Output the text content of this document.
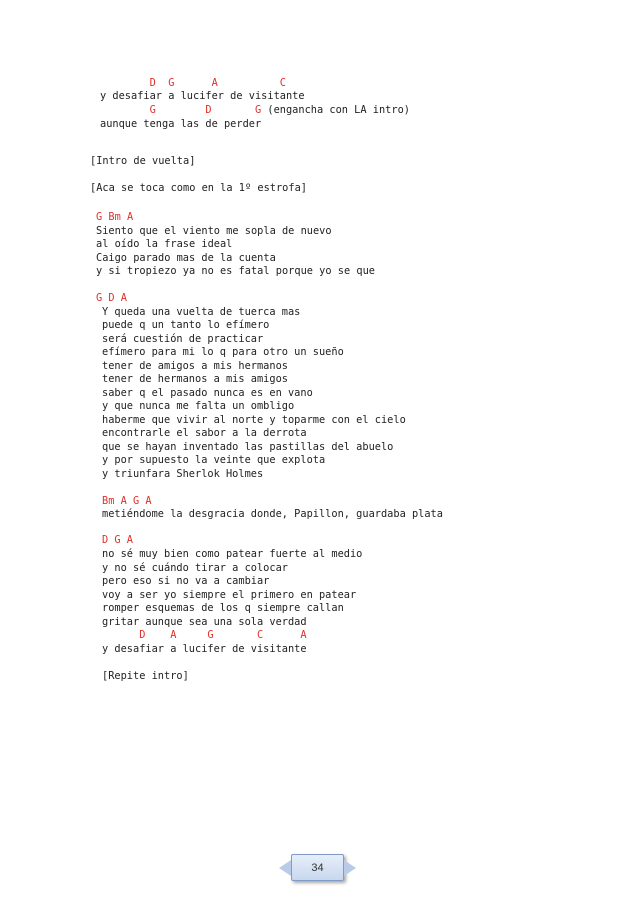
D  G      A          C
y desafiar a lucifer de visitante
G        D       G (engancha con LA intro)
aunque tenga las de perder
[Intro de vuelta]
[Aca se toca como en la 1º estrofa]
G Bm A
Siento que el viento me sopla de nuevo
al oído la frase ideal
Caigo parado mas de la cuenta
y si tropiezo ya no es fatal porque yo se que
G D A
Y queda una vuelta de tuerca mas
puede q un tanto lo efímero
será cuestión de practicar
efímero para mi lo q para otro un sueño
tener de amigos a mis hermanos
tener de hermanos a mis amigos
saber q el pasado nunca es en vano
y que nunca me falta un ombligo
haberme que vivir al norte y toparme con el cielo
encontrarle el sabor a la derrota
que se hayan inventado las pastillas del abuelo
y por supuesto la veinte que explota
y triunfara Sherlok Holmes
Bm A G A
metiéndome la desgracia donde, Papillon, guardaba plata
D G A
no sé muy bien como patear fuerte al medio
y no sé cuándo tirar a colocar
pero eso si no va a cambiar
voy a ser yo siempre el primero en patear
romper esquemas de los q siempre callan
gritar aunque sea una sola verdad
D    A     G       C      A
y desafiar a lucifer de visitante
[Repite intro]
34
